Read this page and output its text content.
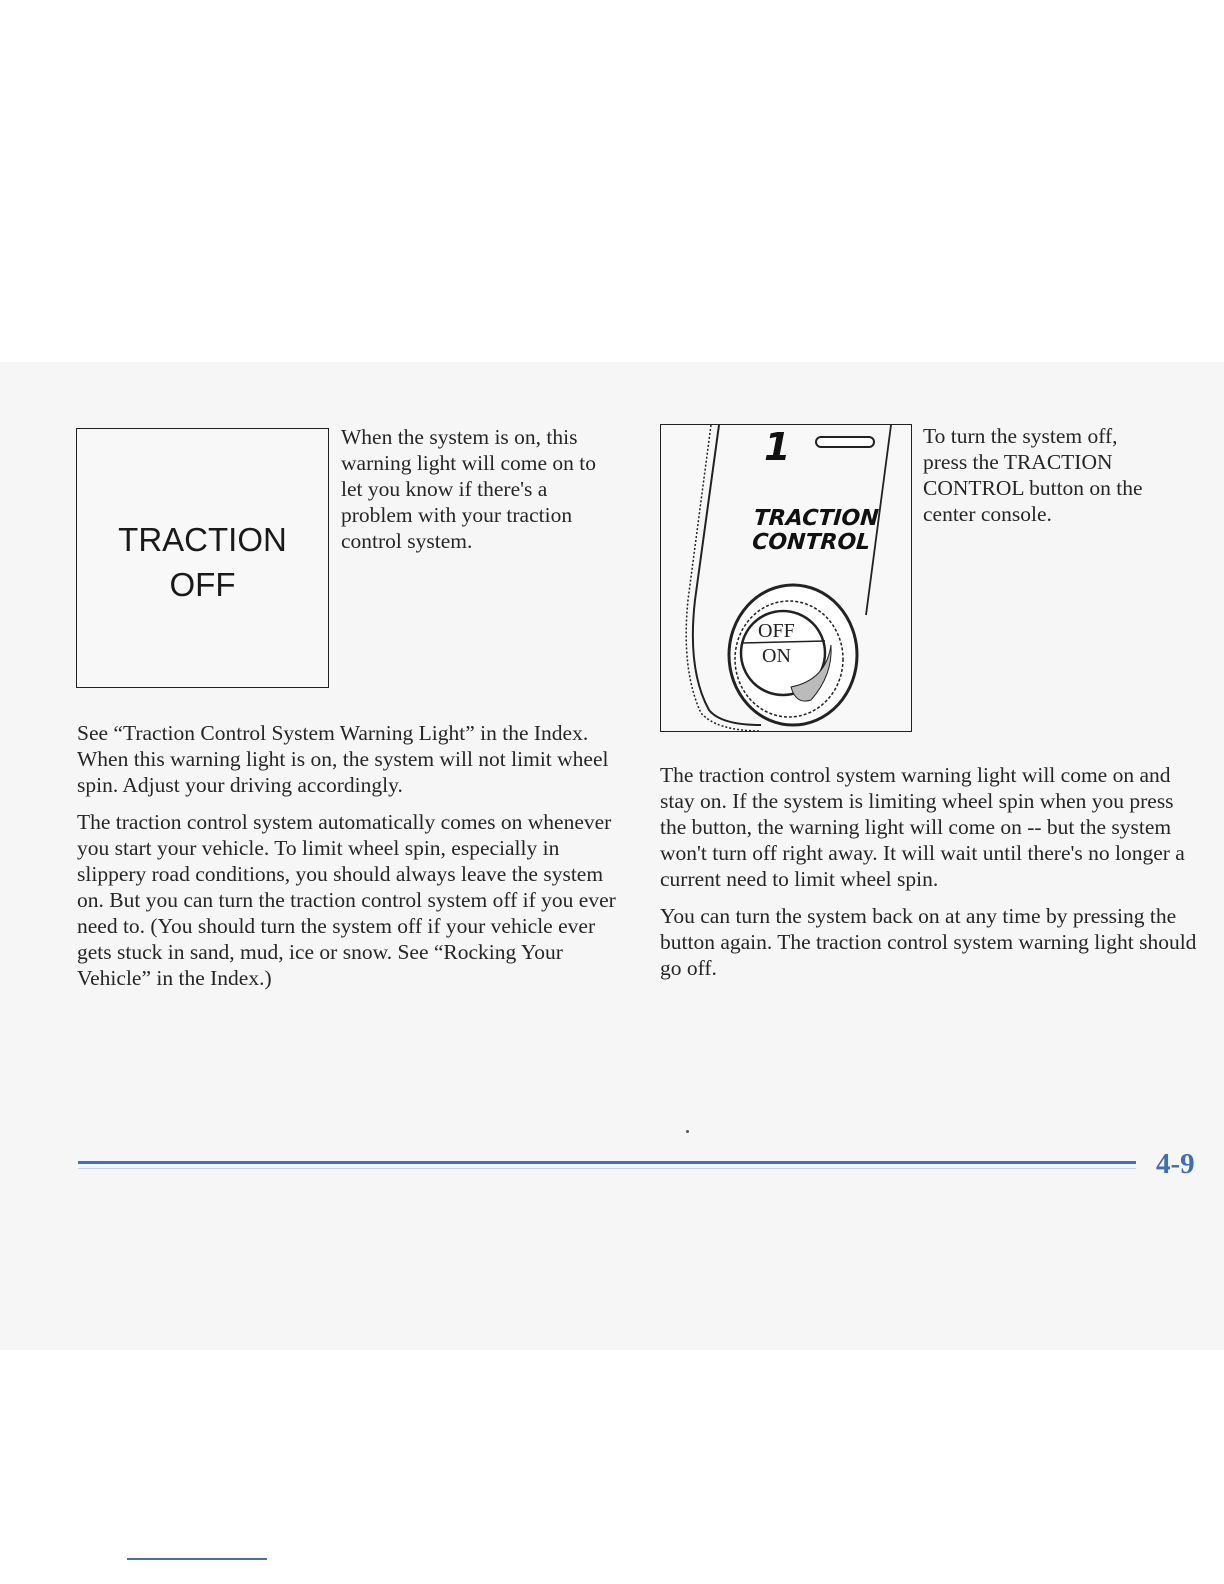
TRACTION
OFF

When the system is on, this warning light will come on to let you know if there's a problem with your traction control system.

1
TRACTION
CONTROL
OFF
ON

To turn the system off, press the TRACTION CONTROL button on the center console.

See “Traction Control System Warning Light” in the Index. When this warning light is on, the system will not limit wheel spin. Adjust your driving accordingly.

The traction control system automatically comes on whenever you start your vehicle. To limit wheel spin, especially in slippery road conditions, you should always leave the system on. But you can turn the traction control system off if you ever need to. (You should turn the system off if your vehicle ever gets stuck in sand, mud, ice or snow. See “Rocking Your Vehicle” in the Index.)

The traction control system warning light will come on and stay on. If the system is limiting wheel spin when you press the button, the warning light will come on -- but the system won't turn off right away. It will wait until there's no longer a current need to limit wheel spin.

You can turn the system back on at any time by pressing the button again. The traction control system warning light should go off.

4-9
